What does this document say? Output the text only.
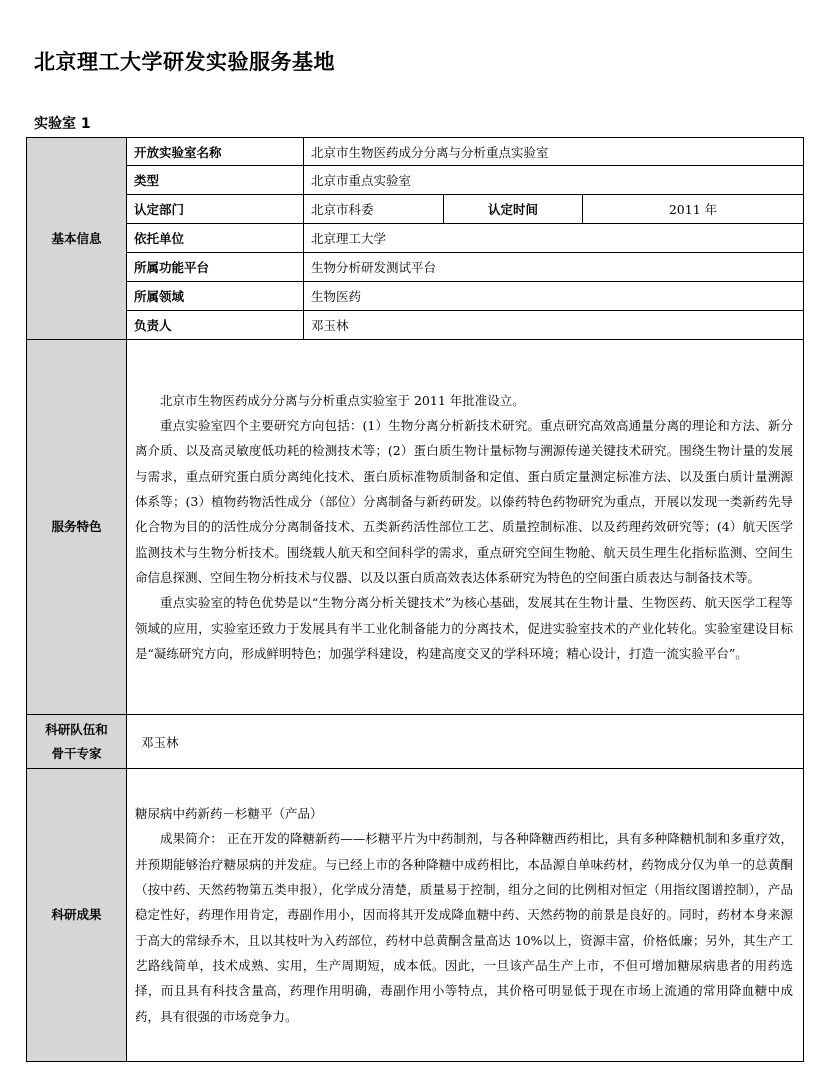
北京理工大学研发实验服务基地
实验室 1
基本信息	开放实验室名称	北京市生物医药成分分离与分析重点实验室		
	类型	北京市重点实验室		
	认定部门	北京市科委	认定时间	2011 年
	依托单位	北京理工大学		
	所属功能平台	生物分析研发测试平台		
	所属领域	生物医药		
	负责人	邓玉林		
服务特色	北京市生物医药成分分离与分析重点实验室于 2011 年批准设立。

重点实验室四个主要研究方向包括：(1）生物分离分析新技术研究。重点研究高效高通量分离的理论和方法、新分离介质、以及高灵敏度低功耗的检测技术等；(2）蛋白质生物计量标物与溯源传递关键技术研究。围绕生物计量的发展与需求，重点研究蛋白质分离纯化技术、蛋白质标准物质制备和定值、蛋白质定量测定标准方法、以及蛋白质计量溯源体系等；(3）植物药物活性成分（部位）分离制备与新药研发。以傣药特色药物研究为重点，开展以发现一类新药先导化合物为目的的活性成分分离制备技术、五类新药活性部位工艺、质量控制标准、以及药理药效研究等；(4）航天医学监测技术与生物分析技术。围绕载人航天和空间科学的需求，重点研究空间生物舱、航天员生理生化指标监测、空间生命信息探测、空间生物分析技术与仪器、以及以蛋白质高效表达体系研究为特色的空间蛋白质表达与制备技术等。

重点实验室的特色优势是以“生物分离分析关键技术”为核心基础，发展其在生物计量、生物医药、航天医学工程等领域的应用，实验室还致力于发展具有半工业化制备能力的分离技术，促进实验室技术的产业化转化。实验室建设目标是“凝练研究方向，形成鲜明特色；加强学科建设，构建高度交叉的学科环境；精心设计，打造一流实验平台”。			

科研队伍和
骨干专家	邓玉林			
科研成果	糖尿病中药新药－杉糖平（产品）

成果简介： 正在开发的降糖新药——杉糖平片为中药制剂，与各种降糖西药相比，具有多种降糖机制和多重疗效，并预期能够治疗糖尿病的并发症。与已经上市的各种降糖中成药相比，本品源自单味药材，药物成分仅为单一的总黄酮（按中药、天然药物第五类申报），化学成分清楚，质量易于控制，组分之间的比例相对恒定（用指纹图谱控制），产品稳定性好，药理作用肯定，毒副作用小，因而将其开发成降血糖中药、天然药物的前景是良好的。同时，药材本身来源于高大的常绿乔木，且以其枝叶为入药部位，药材中总黄酮含量高达 10%以上，资源丰富，价格低廉；另外，其生产工艺路线简单，技术成熟、实用，生产周期短，成本低。因此，一旦该产品生产上市，不但可增加糖尿病患者的用药选择，而且具有科技含量高，药理作用明确，毒副作用小等特点，其价格可明显低于现在市场上流通的常用降血糖中成药，具有很强的市场竞争力。			
